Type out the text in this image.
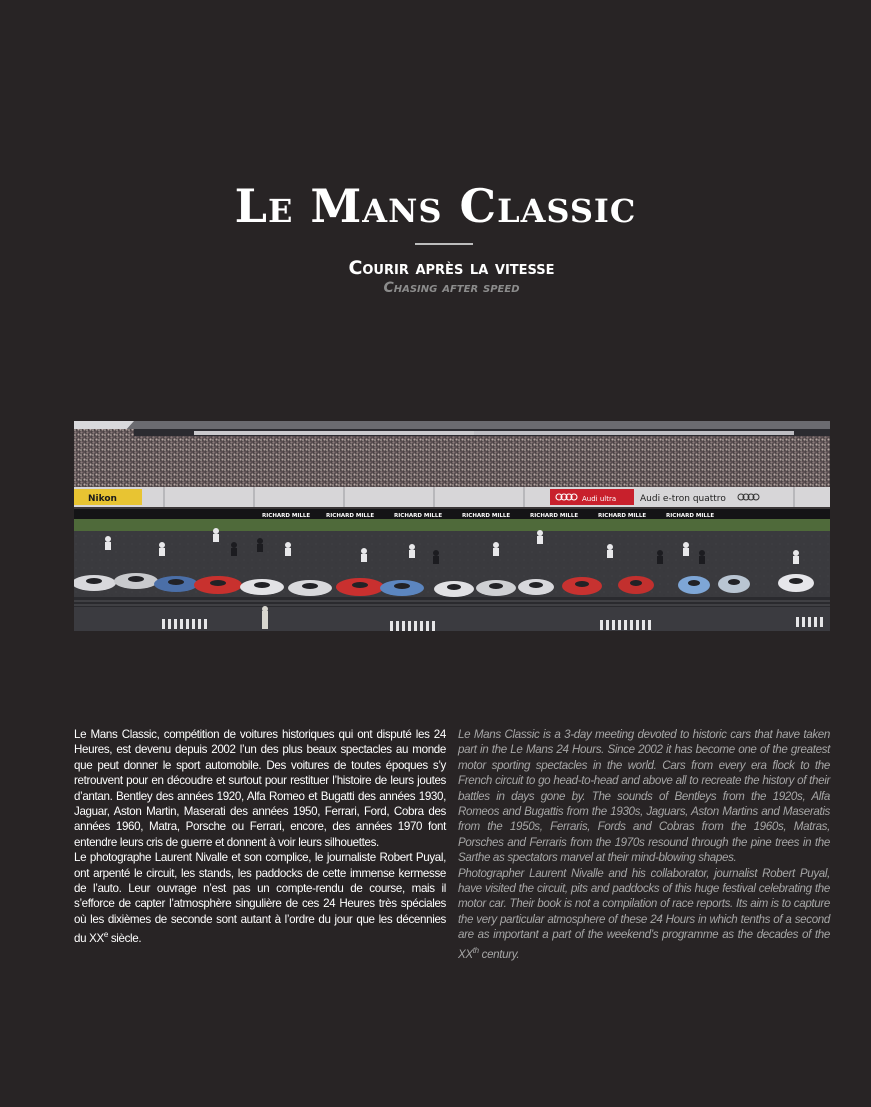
Le Mans Classic
Courir après la vitesse
Chasing after speed
Nikon	Audi ultra	Audi e-tron quattro
RICHARD MILLE	RICHARD MILLE	RICHARD MILLE	RICHARD MILLE	RICHARD MILLE	RICHARD MILLE	RICHARD MILLE

Le Mans Classic, compétition de voitures historiques qui ont disputé les 24 Heures, est devenu depuis 2002 l’un des plus beaux spectacles au monde que peut donner le sport automobile. Des voitures de toutes époques s’y retrouvent pour en découdre et surtout pour restituer l’histoire de leurs joutes d’antan. Bentley des années 1920, Alfa Romeo et Bugatti des années 1930, Jaguar, Aston Martin, Maserati des années 1950, Ferrari, Ford, Cobra des années 1960, Matra, Porsche ou Ferrari, encore, des années 1970 font entendre leurs cris de guerre et donnent à voir leurs silhouettes.

Le photographe Laurent Nivalle et son complice, le journaliste Robert Puyal, ont arpenté le circuit, les stands, les paddocks de cette immense kermesse de l’auto. Leur ouvrage n’est pas un compte-rendu de course, mais il s’efforce de capter l’atmosphère singulière de ces 24 Heures très spéciales où les dixièmes de seconde sont autant à l’ordre du jour que les décennies du XXe siècle.

Le Mans Classic is a 3-day meeting devoted to historic cars that have taken part in the Le Mans 24 Hours. Since 2002 it has become one of the greatest motor sporting spectacles in the world. Cars from every era flock to the French circuit to go head-to-head and above all to recreate the history of their battles in days gone by. The sounds of Bentleys from the 1920s, Alfa Romeos and Bugattis from the 1930s, Jaguars, Aston Martins and Maseratis from the 1950s, Ferraris, Fords and Cobras from the 1960s, Matras, Porsches and Ferraris from the 1970s resound through the pine trees in the Sarthe as spectators marvel at their mind-blowing shapes.

Photographer Laurent Nivalle and his collaborator, journalist Robert Puyal, have visited the circuit, pits and paddocks of this huge festival celebrating the motor car. Their book is not a compilation of race reports. Its aim is to capture the very particular atmosphere of these 24 Hours in which tenths of a second are as important a part of the weekend’s programme as the decades of the XXth century.
